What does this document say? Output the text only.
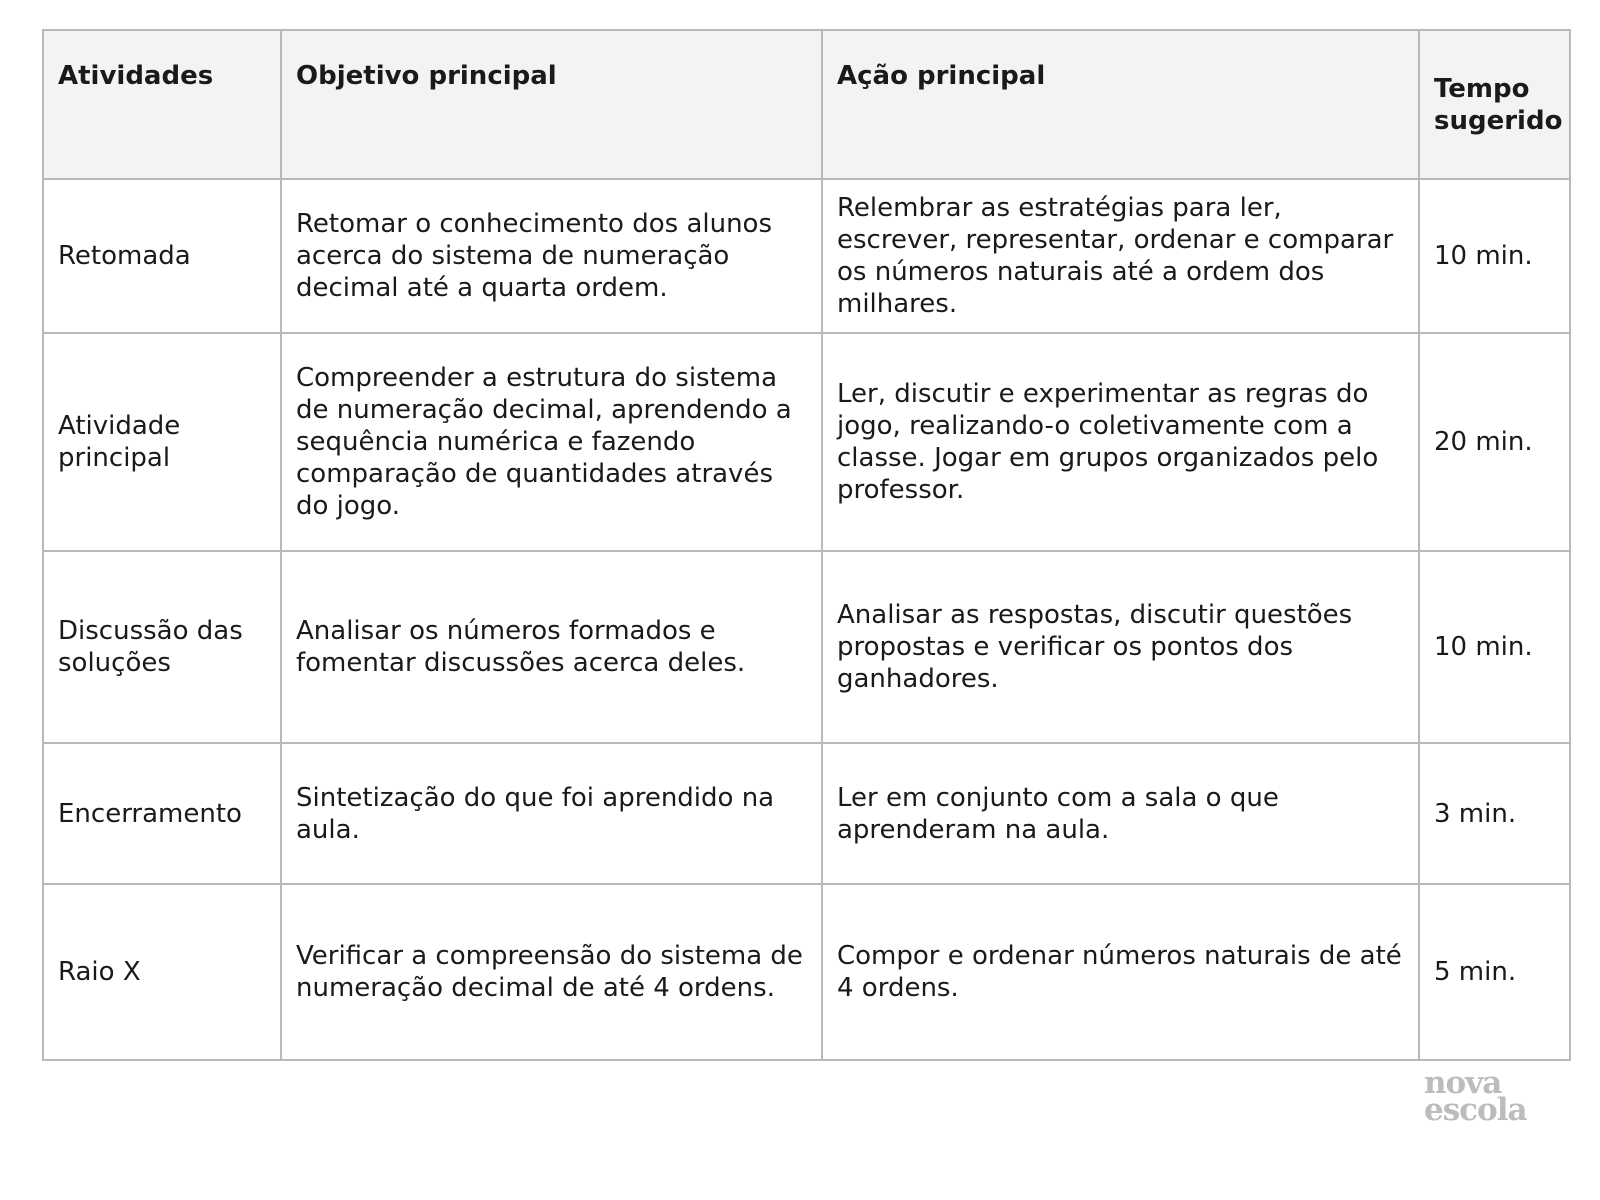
Atividades	Objetivo principal	Ação principal	Tempo sugerido
Retomada	Retomar o conhecimento dos alunos acerca do sistema de numeração decimal até a quarta ordem.	Relembrar as estratégias para ler, escrever, representar, ordenar e comparar os números naturais até a ordem dos milhares.	10 min.
Atividade principal	Compreender a estrutura do sistema de numeração decimal, aprendendo a sequência numérica e fazendo comparação de quantidades através do jogo.	Ler, discutir e experimentar as regras do jogo, realizando-o coletivamente com a classe. Jogar em grupos organizados pelo professor.	20 min.
Discussão das soluções	Analisar os números formados e fomentar discussões acerca deles.	Analisar as respostas, discutir questões propostas e verificar os pontos dos ganhadores.	10 min.
Encerramento	Sintetização do que foi aprendido na aula.	Ler em conjunto com a sala o que aprenderam na aula.	3 min.
Raio X	Verificar a compreensão do sistema de numeração decimal de até 4 ordens.	Compor e ordenar números naturais de até 4 ordens.	5 min.
nova
escola
